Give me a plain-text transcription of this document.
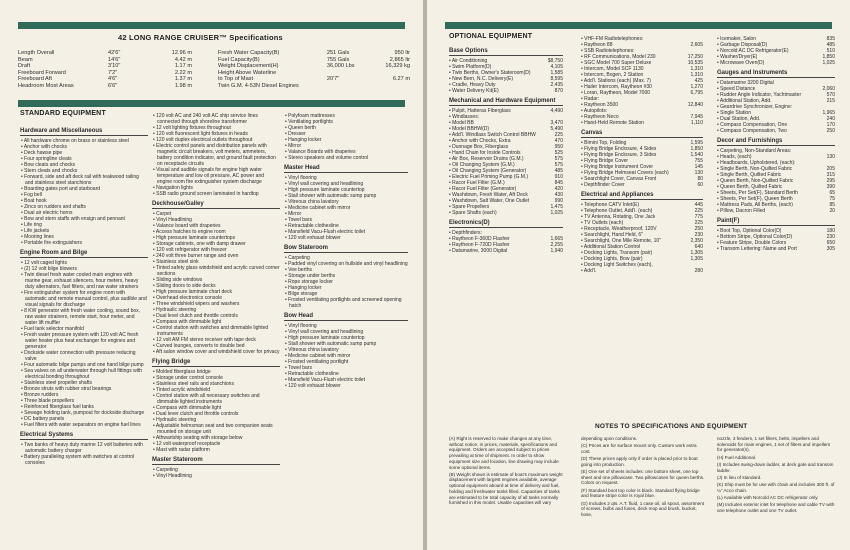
42 LONG RANGE CRUISER™ Specifications
Length Overall	42'6"	12.96 m
Beam	14'6"	4.42 m
Draft	3'10"	1.17 m
Freeboard Forward	7'2"	2.22 m
Freeboard Aft	4'6"	1.37 m
Headroom Most Areas	6'6"	1.98 m
Fresh Water Capacity(B)	251 Gals	950 ltr
Fuel Capacity(B)	755 Gals	2,865 ltr
Weight Displacement(H)	36,000 Lbs	16,329 kg
Height Above Waterline
to Top of Mast	20'7"	6.27 m
Twin G.M. 4-53N Diesel Engines
STANDARD EQUIPMENT
Hardware and Miscellaneous
• All hardware chrome on brass or stainless steel
• Anchor with chocks
• Deck hawse pipe
• Four springline cleats
• Bow cleats and chocks
• Stern cleats and chocks
• Forward, side and aft deck rail with teakwood railing and stainless steel stanchions
• Boarding gates port and starboard
• Fog bell
• Boat hook
• Zincs on rudders and shafts
• Dual air electric horns
• Bow and stern staffs with ensign and pennant
• Life ring
• Life jackets
• Mooring lines
• Portable fire extinguishers
Engine Room and Bilge
• 12 volt caged lights
• (2) 12 volt bilge blowers
• Twin diesel fresh water cooled main engines with marine gear, exhaust silencers, hour meters, heavy duty alternators, fuel filters, and raw water strainers
• Fire extinguisher system for engine room with automatic and remote manual control, plus audible and visual signals for discharge
• 8 KW generator with fresh water cooling, sound box, raw water strainers, remote start, hour meter, and water lift muffler
• Fuel tank selector manifold
• Fresh water pressure system with 120 volt AC fresh water heater plus heat exchanger for engines and generator
• Dockside water connection with pressure reducing valve
• Four automatic bilge pumps and one hand bilge pump
• Sea valves on all underwater through hull fittings with electrical bonding throughout
• Stainless steel propeller shafts
• Bronze struts with rubber strut bearings
• Bronze rudders
• Three blade propellers
• Reinforced fiberglass fuel tanks
• Sewage holding tank, pumpout for dockside discharge
• DC battery panels
• Fuel filters with water separators on engine fuel lines
Electrical Systems
• Two banks of heavy duty marine 12 volt batteries with automatic battery charger
• Battery paralleling system with switches at control consoles
• 120 volt AC and 240 volt AC ship service lines connected through shoreline transformer
• 12 volt lighting fixtures throughout
• 120 volt fluorescent light fixtures in heads
• 120 volt duplex electrical outlets throughout
• Electric control panels and distribution panels with magnetic circuit breakers, volt meters, ammeters, battery condition indicator, and ground fault protection on receptacle circuits
• Visual and audible signals for engine high water temperature and low oil pressure, AC power and engine room fire extinguisher system discharge
• Navigation lights
• SSB radio ground screen laminated in hardtop
Deckhouse/Galley
• Carpet
• Vinyl Headlining
• Valance board with draperies
• Access hatches to engine room
• High pressure laminate countertops
• Storage cabinets, one with damp drawer
• 120 volt refrigerator with freezer
• 240 volt three burner range and oven
• Stainless steel sink
• Tinted safety glass windshield and acrylic curved corner sections
• Sliding side windows
• Sliding doors to side decks
• High pressure laminate chart deck
• Overhead electronics console
• Three windshield wipers and washers
• Hydraulic steering
• Dual level clutch and throttle controls
• Compass with dimmable light
• Control station with switches and dimmable lighted instruments
• 12 volt AM FM stereo receiver with tape deck
• Curved lounges, converts to double bed
• Aft salon window cover and windshield cover for privacy
Flying Bridge
• Molded fiberglass bridge
• Storage under control console
• Stainless steel rails and stanchions
• Tinted acrylic windshield
• Control station with all necessary switches and dimmable lighted instruments
• Compass with dimmable light
• Dual lever clutch and throttle controls
• Hydraulic steering
• Adjustable helmsman seat and two companion seats mounted on storage unit
• Athwartship seating with storage below
• 12 volt waterproof receptacle
• Mast with radar platform
Master Stateroom
• Carpeting
• Vinyl Headlining
• Polyfoam mattresses
• Ventilating portlights
• Queen berth
• Dresser
• Hanging locker
• Mirror
• Valance Boards with draperies
• Stereo speakers and volume control
Master Head
• Vinyl flooring
• Vinyl wall covering and headlining
• High pressure laminate countertop
• Stall shower with automatic sump pump
• Vitreous china lavatory
• Medicine cabinet with mirror
• Mirror
• Towel bars
• Retractable clothesline
• Mansfield Vacu-Flush electric toilet
• 120 volt exhaust blower
Bow Stateroom
• Carpeting
• Padded vinyl covering on hullside and vinyl headlining
• Vee berths
• Storage under berths
• Rope storage locker
• Hanging locker
• Bilge storage
• Frosted ventilating portlights and screened opening hatch
Bow Head
• Vinyl flooring
• Vinyl wall covering and headlining
• High pressure laminate countertop
• Stall shower with automatic sump pump
• Vitreous china lavatory
• Medicine cabinet with mirror
• Frosted ventilating portlight
• Towel bars
• Retractable clothesline
• Mansfield Vacu-Flush electric toilet
• 120 volt exhaust blower
OPTIONAL EQUIPMENT
Base Options
• Air Conditioning	$8,750
• Swim Platform(D)	4,105
• Twin Berths, Owner's Stateroom(D)	1,585
• New Bern, N.C. Delivery(E)	8,595
• Cradle, Heavy Duty	2,435
• Water Delivery Kit(E)	870
Mechanical and Hardware Equipment
• Pulpit, Hatteras Fiberglass	4,490
• Windlasses:
• Model BB	3,470
• Model BBHW(D)	5,490
• Add'l. Windlass Switch Control BBHW	225
• Anchor with Chocks, Extra	470
• Dunnage Box, Fiberglass	950
• Hand Chain for Inside Controls	525
• Air Box, Reservoir Drains (G.M.)	575
• Oil Changing System (G.M.)	575
• Oil Changing System (Generator)	485
• Electric Fuel Priming Pump (G.M.)	910
• Racor Fuel Filter (G.M.)	845
• Racor Fuel Filter (Generator)	420
• Washdown, Fresh Water, Aft Deck	430
• Washdown, Salt Water, One Outlet	990
• Spare Propellers	1,475
• Spare Shafts (each)	1,025
Electronics(D)
• Depthfinders:
• Raytheon F-360D Flasher	1,665
• Raytheon F-720D Flasher	2,255
• Datamarine, 3000 Digital	1,940
• VHF-FM Radiotelephones:
• Raytheon 88	2,605
• SSB Radiotelephones:
• RF Communications, Model 230	17,250
• SGC Model 700 Super Deluxe	10,535
• Intercom, Model SCF 1130	1,310
• Intercom, Bogen, 2 Station	1,310
• Add'l. Stations (each) (Max. 7)	425
• Hailer Intercom, Raytheon #30	1,270
• Loran, Raytheon, Model 7000	6,795
• Radar:
• Raytheon 3500	12,840
• Autopilots:
• Raytheon Neco	7,945
• Hand-Held Remote Station	1,110
Canvas
• Bimini Top, Folding	1,595
• Flying Bridge Enclosure, 4 Sides	1,850
• Flying Bridge Enclosure, 3 Sides	1,540
• Flying Bridge Cover	755
• Flying Bridge Instrument Cover	145
• Flying Bridge Helmseat Covers (each)	130
• Searchlight Cover, Canvas Front	80
• Depthfinder Cover	60
Electrical and Appliances
• Telephone CATV Inlet(E)	445
• Telephone Outlet, Add'l. (each)	225
• TV Antenna, Rotating, One Jack	775
• TV Outlets (each)	225
• Receptacle, Weatherproof, 120V	250
• Searchlight, Hand Held, 6"	230
• Searchlight, One Mile Remote, 10"	2,350
• Additional Station Control	640
• Docking Lights, Transom (pair)	1,305
• Docking Lights, Bow (pair)	1,305
• Docking Light Switches (each),
• Add'l.	280
• Icemaker, Salon	835
• Garbage Disposal(D)	485
• Norcold AC DC Refrigerator(E)	510
• Washer/Dryer(E)	1,850
• Microwave Oven(D)	1,025
Gauges and Instruments
• Datamarine 3200 Digital
• Speed Distance	2,060
• Rudder Angle Indicator, Yachtmaster	570
• Additional Station, Add.	215
• Geardrive Synchronizer, Engine:
• Single Station	1,965
• Dual Station, Add.	240
• Compass Compensation, One	170
• Compass Compensation, Two	250
Decor and Furnishings
• Carpeting, Non-Standard Areas:
• Heads, (each)	130
• Headboards, Upholstered, (each):
• Single Berth, Non-Quilted Fabric	205
• Single Berth, Quilted Fabric	315
• Queen Berth, Non-Quilted Fabric	295
• Queen Berth, Quilted Fabric	390
• Sheets, Per Set(F), Standard Berth	65
• Sheets, Per Set(F), Queen Berth	75
• Mattress Pads, All Berths, (each)	85
• Pillow, Dacron Filled	20
Paint(F)
• Boot Top, Optional Color(D)	180
• Bottom Stripe, Optional Color(D)	230
• Feature Stripe, Double Colors	650
• Transom Lettering: Name and Port	305
NOTES TO SPECIFICATIONS AND EQUIPMENT
(A) Right is reserved to make changes at any time, without notice, in prices, materials, specifications and equipment. Orders are accepted subject to prices prevailing at time of shipment. In order to show equipment size and location, line drawing may include some optional items.
(B) Weight shown is estimate of boat's maximum weight displacement with largest engines available, average optional equipment aboard at time of delivery and fuel, holding and freshwater tanks filled. Capacities of tanks are estimated to be total capacity of all tanks normally furnished in this model. Usable capacities will vary
depending upon conditions.
(C) Prices are for surface mount only. Custom work extra cost.
(D) These prices apply only if order is placed prior to boat going into production.
(E) One set of sheets includes: one bottom sheet, one top sheet and one pillowcase. Two pillowcases for queen berths. Colors on request.
(F) Standard boot top color is black. Standard flying bridge and feature stripe color is royal blue.
(G) Includes 2 qts. A.T. fluid, 1 case oil, oil spout, assortment of screws, bulbs and fuses, deck mop and brush, bucket, hose,
nozzle, 3 fenders, 1 set filters, belts, impellers and solenoids for main engines, 1 set of filters and impellers for generator(s).
(H) Fuel Additional.
(I) Includes swing-down ladder, at deck gate and transom ladder.
(J) In lieu of standard.
(K) Ship must be for use with chain and includes 300 ft. of ¼" Acco chain.
(L) Available with Norcold AC DC refrigerator only.
(M) Includes exterior inlet for telephone and cable TV with one telephone outlet and one TV outlet.
